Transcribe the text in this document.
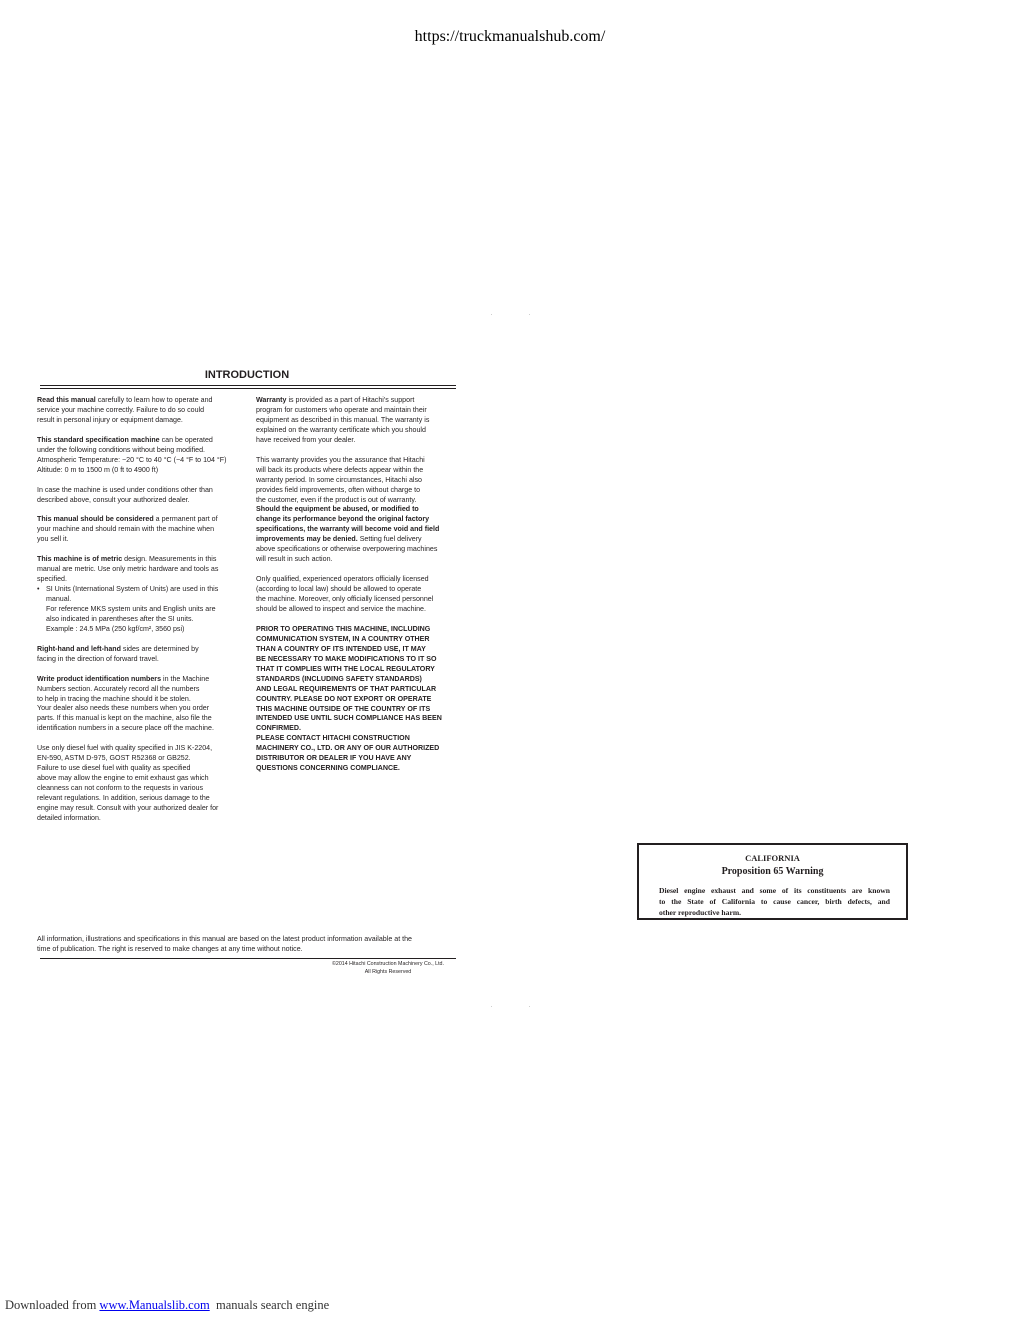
https://truckmanualshub.com/
INTRODUCTION

Read this manual carefully to learn how to operate and
service your machine correctly. Failure to do so could
result in personal injury or equipment damage.

This standard specification machine can be operated
under the following conditions without being modified.
Atmospheric Temperature: −20 °C to 40 °C (−4 °F to 104 °F)
Altitude: 0 m to 1500 m (0 ft to 4900 ft)

In case the machine is used under conditions other than
described above, consult your authorized dealer.

This manual should be considered a permanent part of
your machine and should remain with the machine when
you sell it.

This machine is of metric design. Measurements in this
manual are metric. Use only metric hardware and tools as
specified.
• SI Units (International System of Units) are used in this
manual.
For reference MKS system units and English units are
also indicated in parentheses after the SI units.
Example : 24.5 MPa (250 kgf/cm², 3560 psi)

Right-hand and left-hand sides are determined by
facing in the direction of forward travel.

Write product identification numbers in the Machine
Numbers section. Accurately record all the numbers
to help in tracing the machine should it be stolen.
Your dealer also needs these numbers when you order
parts. If this manual is kept on the machine, also file the
identification numbers in a secure place off the machine.

Use only diesel fuel with quality specified in JIS K-2204,
EN-590, ASTM D-975, GOST R52368 or GB252.
Failure to use diesel fuel with quality as specified
above may allow the engine to emit exhaust gas which
cleanness can not conform to the requests in various
relevant regulations. In addition, serious damage to the
engine may result. Consult with your authorized dealer for
detailed information.

Warranty is provided as a part of Hitachi's support
program for customers who operate and maintain their
equipment as described in this manual. The warranty is
explained on the warranty certificate which you should
have received from your dealer.

This warranty provides you the assurance that Hitachi
will back its products where defects appear within the
warranty period. In some circumstances, Hitachi also
provides field improvements, often without charge to
the customer, even if the product is out of warranty.
Should the equipment be abused, or modified to
change its performance beyond the original factory
specifications, the warranty will become void and field
improvements may be denied. Setting fuel delivery
above specifications or otherwise overpowering machines
will result in such action.

Only qualified, experienced operators officially licensed
(according to local law) should be allowed to operate
the machine. Moreover, only officially licensed personnel
should be allowed to inspect and service the machine.

PRIOR TO OPERATING THIS MACHINE, INCLUDING
COMMUNICATION SYSTEM, IN A COUNTRY OTHER
THAN A COUNTRY OF ITS INTENDED USE, IT MAY
BE NECESSARY TO MAKE MODIFICATIONS TO IT SO
THAT IT COMPLIES WITH THE LOCAL REGULATORY
STANDARDS (INCLUDING SAFETY STANDARDS)
AND LEGAL REQUIREMENTS OF THAT PARTICULAR
COUNTRY. PLEASE DO NOT EXPORT OR OPERATE
THIS MACHINE OUTSIDE OF THE COUNTRY OF ITS
INTENDED USE UNTIL SUCH COMPLIANCE HAS BEEN
CONFIRMED.
PLEASE CONTACT HITACHI CONSTRUCTION
MACHINERY CO., LTD. OR ANY OF OUR AUTHORIZED
DISTRIBUTOR OR DEALER IF YOU HAVE ANY
QUESTIONS CONCERNING COMPLIANCE.

CALIFORNIA
Proposition 65 Warning
Diesel engine exhaust and some of its constituents are known
to the State of California to cause cancer, birth defects, and
other reproductive harm.
All information, illustrations and specifications in this manual are based on the latest product information available at the
time of publication. The right is reserved to make changes at any time without notice.
©2014 Hitachi Construction Machinery Co., Ltd.
All Rights Reserved
Downloaded from www.Manualslib.com  manuals search engine
